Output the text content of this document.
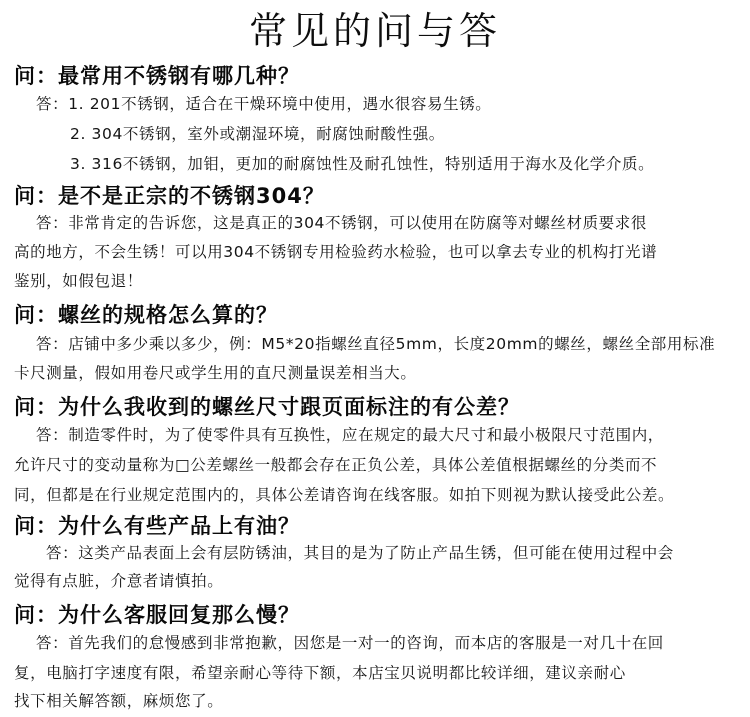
常见的问与答
问：最常用不锈钢有哪几种？
答：1. 201不锈钢，适合在干燥环境中使用，遇水很容易生锈。
2. 304不锈钢，室外或潮湿环境，耐腐蚀耐酸性强。
3. 316不锈钢，加钼，更加的耐腐蚀性及耐孔蚀性，特别适用于海水及化学介质。
问：是不是正宗的不锈钢304？
答：非常肯定的告诉您，这是真正的304不锈钢，可以使用在防腐等对螺丝材质要求很
高的地方，不会生锈！可以用304不锈钢专用检验药水检验，也可以拿去专业的机构打光谱
鉴别，如假包退！
问：螺丝的规格怎么算的？
答：店铺中多少乘以多少，例：M5*20指螺丝直径5mm，长度20mm的螺丝，螺丝全部用标准
卡尺测量，假如用卷尺或学生用的直尺测量误差相当大。
问：为什么我收到的螺丝尺寸跟页面标注的有公差？
答：制造零件时，为了使零件具有互换性，应在规定的最大尺寸和最小极限尺寸范围内，
允许尺寸的变动量称为□公差螺丝一般都会存在正负公差，具体公差值根据螺丝的分类而不
同，但都是在行业规定范围内的，具体公差请咨询在线客服。如拍下则视为默认接受此公差。
问：为什么有些产品上有油？
答：这类产品表面上会有层防锈油，其目的是为了防止产品生锈，但可能在使用过程中会
觉得有点脏，介意者请慎拍。
问：为什么客服回复那么慢？
答：首先我们的怠慢感到非常抱歉，因您是一对一的咨询，而本店的客服是一对几十在回
复，电脑打字速度有限，希望亲耐心等待下额，本店宝贝说明都比较详细，建议亲耐心
找下相关解答额，麻烦您了。
